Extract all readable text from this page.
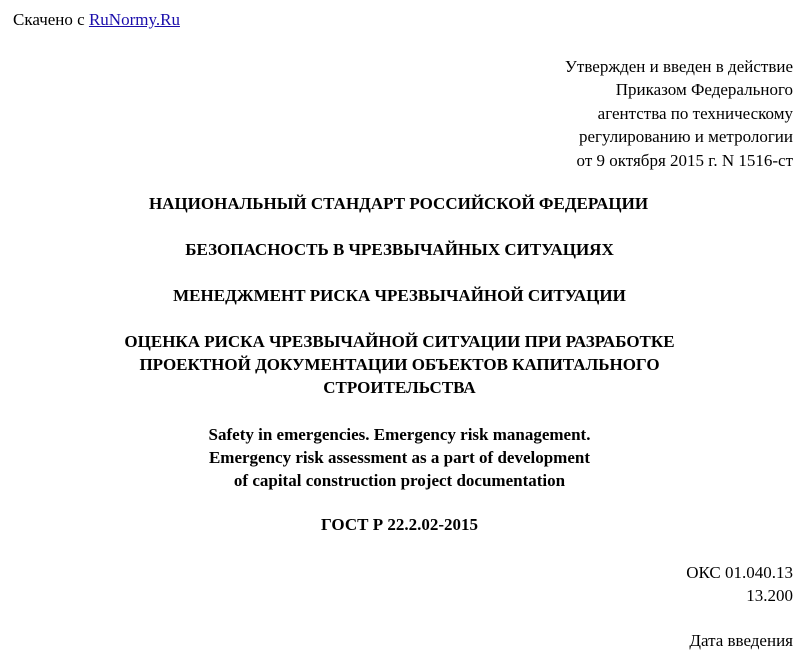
Скачено с RuNormy.Ru
Утвержден и введен в действие
Приказом Федерального
агентства по техническому
регулированию и метрологии
от 9 октября 2015 г. N 1516-ст
НАЦИОНАЛЬНЫЙ СТАНДАРТ РОССИЙСКОЙ ФЕДЕРАЦИИ
БЕЗОПАСНОСТЬ В ЧРЕЗВЫЧАЙНЫХ СИТУАЦИЯХ
МЕНЕДЖМЕНТ РИСКА ЧРЕЗВЫЧАЙНОЙ СИТУАЦИИ
ОЦЕНКА РИСКА ЧРЕЗВЫЧАЙНОЙ СИТУАЦИИ ПРИ РАЗРАБОТКЕ
ПРОЕКТНОЙ ДОКУМЕНТАЦИИ ОБЪЕКТОВ КАПИТАЛЬНОГО
СТРОИТЕЛЬСТВА
Safety in emergencies. Emergency risk management.
Emergency risk assessment as a part of development
of capital construction project documentation
ГОСТ Р 22.2.02-2015
ОКС 01.040.13
13.200
Дата введения
